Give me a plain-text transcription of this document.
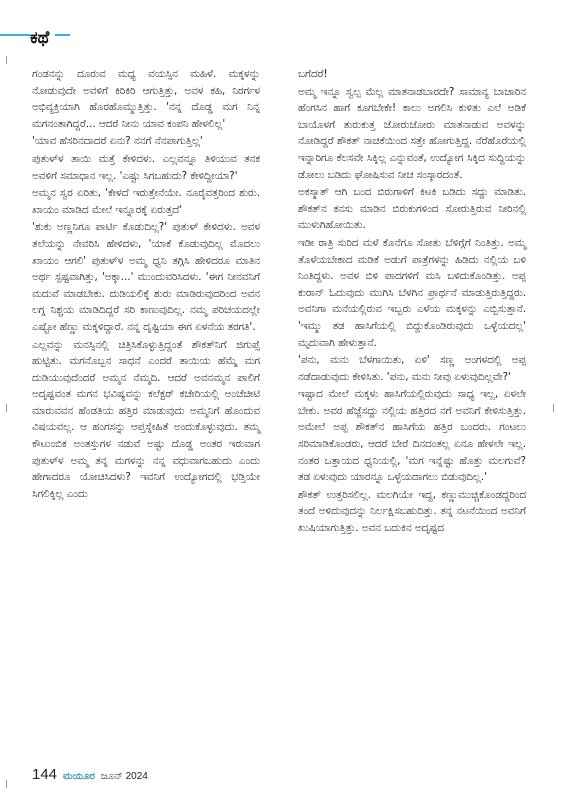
ಕಥೆ

ಗಂಡನನ್ನು ದೂರುವ ಮಧ್ಯ ವಯಸ್ಸಿನ ಮಹಿಳೆ. ಮಕ್ಕಳನ್ನು ನೋಡುವುದೇ ಅವಳಿಗೆ ಕಿರಿಕಿರಿ ಆಗುತ್ತಿತ್ತು, ಅವಳ ಕಹಿ, ನಿರರ್ಗಳ ಅಭಿವ್ಯಕ್ತಿಯಾಗಿ ಹೊರಹೊಮ್ಮುತ್ತಿತ್ತು. 'ನನ್ನ ದೊಡ್ಡ ಮಗ ನಿನ್ನ ಮಗನಂತಾಗಿದ್ದರೆ... ಆದರೆ ನೀನು ಯಾವ ಕಂಪನಿ ಹೇಳಲಿಲ್ಲ'

'ಯಾವ ಹೆಸರಿನದಾದರೆ ಏನು? ನನಗೆ ನೆನಪಾಗುತ್ತಿಲ್ಲ'

ಪುತುಳ್‌ಳ ತಾಯಿ ಮತ್ತೆ ಕೇಳಿದಳು. ಎಲ್ಲವನ್ನೂ ತಿಳಿಯುವ ತನಕ ಅವಳಿಗೆ ಸಮಾಧಾನ ಇಲ್ಲ. 'ಎಷ್ಟು ಸಿಗಬಹುದು? ಕೇಳಿದ್ದೀಯಾ?'

ಅಮ್ಮನ ಸ್ವರ ಏರಿತು, 'ಕೇಳದೆ ಇರುತ್ತೇನೆಯೇ. ನೂರೈವತ್ತರಿಂದ ಶುರು. ಖಾಯಂ ಮಾಡಿದ ಮೇಲೆ ಇನ್ನೂರಕ್ಕೆ ಏರುತ್ತದೆ'

'ಶುಕು ಅಣ್ಣನಿಗೂ ಪಾರ್ಟಿ ಕೊಡುದಿಲ್ಲ?' ಪುತುಳ್ ಕೇಳಿದಳು. ಅವಳ ತಲೆಯನ್ನು ನೇವರಿಸಿ ಹೇಳಿದಳು, 'ಯಾಕೆ ಕೊಡುವುದಿಲ್ಲ ಮೊದಲು ಖಾಯಂ ಆಗಲಿ' ಪುತುಳ್‌ಳ ಅಮ್ಮ ಧ್ವನಿ ತಗ್ಗಿಸಿ ಹೇಳಿದರೂ ಮಾತಿನ ಅರ್ಥ ಸ್ಪಷ್ಟವಾಗಿತ್ತು, 'ಅಕ್ಕಾ...' ಮುಂದುವರಿಸಿದಳು. 'ಈಗ ನೀನವನಿಗೆ ಮದುವೆ ಮಾಡಬೇಕು. ದುಡಿಯಲಿಕ್ಕೆ ಶುರು ಮಾಡಿರುವುದರಿಂದ ಅವನ ಲಗ್ನ ನಿಶ್ಚಯ ಮಾಡಿದಿದ್ದರೆ ಸರಿ ಕಾಣುವುದಿಲ್ಲ. ನಮ್ಮ ಪರಿಚಯದಲ್ಲೇ ಎಷ್ಟೋ ಹೆಣ್ಣು ಮಕ್ಕಳಿದ್ದಾರೆ. ನನ್ನ ದೃಷ್ಟಿಯಾ ಈಗ ಏಳನೆಯ ತರಗತಿ'.

ಎಲ್ಲವನ್ನು ಮನಸ್ಸಿನಲ್ಲಿ ಚಿತ್ರಿಸಿಕೊಳ್ಳುತ್ತಿದ್ದಂತೆ ಶೌಕತ್‌ನಿಗೆ ಜಿಗುಪ್ಸೆ ಹುಟ್ಟಿತು. ಮಗನೊಬ್ಬನ ಸಾಧನೆ ಎಂದರೆ ತಾಯಿಯ ಹೆಮ್ಮೆ ಮಗ ದುಡಿಯುವುದೆಂದರೆ ಅಮ್ಮನ ನೆಮ್ಮದಿ. ಆದರೆ ಅವನಮ್ಮನ ಪಾಲಿಗೆ ಅದೃಷ್ಟವಂತ ಮಗನ ಭವಿಷ್ಯವನ್ನು ಕಲೆಕ್ಟರ್ ಕಚೇರಿಯಲ್ಲಿ ಅಂಚೆಚೀಟಿ ಮಾರುವವನ ಹೆಂಡತಿಯ ಹತ್ತಿರ ಮಾಡುವುದು ಅಮ್ಮನಿಗೆ ಹೊಂದುವ ವಿಷಯವಲ್ಲ. ಆ ಹಂಗಸನ್ನು ಆಪ್ತಸ್ನೇಹಿತೆ ಅಂದುಕೊಳ್ಳುವುದು. ತಮ್ಮ ಕೌಟುಂಬಿಕ ಅಂತಸ್ತುಗಳ ನಡುವೆ ಅಷ್ಟು ದೊಡ್ಡ ಅಂತರ ಇರುವಾಗ ಪುತುಳ್‌ಳ ಅಮ್ಮ ತನ್ನ ಮಗಳನ್ನು ನನ್ನ ವಧುವಾಗಬಹುದು ಎಂದು ಹೇಗಾದರೂ ಯೋಚಿಸಿದಳು? ಇವನಿಗೆ ಉದ್ಯೋಗದಲ್ಲಿ ಭಡ್ತಿಯೇ ಸಿಗಲಿಕ್ಕಿಲ್ಲ ಎಂದು

ಬಗೆದರೆ!

ಅಮ್ಮ ಇನ್ನೂ ಸ್ವಲ್ಪ ಮೆಲ್ಲ ಮಾತನಾಡಬಾರದೇ? ಸಾಮಾನ್ಯ ಬಾಜಾರಿನ ಹೆಂಗಸಿನ ಹಾಗೆ ಕೂಗಬೇಕೇ! ಕಾಲು ಅಗಲಿಸಿ ಕುಳಿತು ಎಲೆ ಅಡಿಕೆ ಬಾಯೊಳಗೆ ತುರುಕುತ್ತ ಜೋರುಜೋರು ಮಾತನಾಡುವ ಅವಳನ್ನು ನೋಡಿದ್ದರೆ ಶೌಕತ್ ನಾಚಿಕೆಯಿಂದ ಸತ್ತೇ ಹೋಗುತ್ತಿದ್ದ. ನೆರೆಹೊರೆಯಲ್ಲಿ ಇನ್ನಾರಿಗೂ ಕೆಲಸವೇ ಸಿಕ್ಕಿಲ್ಲ ಎನ್ನುವಂತೆ, ಉದ್ಯೋಗ ಸಿಕ್ಕಿದ ಸುದ್ದಿಯನ್ನು ಡೋಲು ಬಡಿದು ಘೋಷಿಸುವ ನೀಚ ಸಂಸ್ಕಾರದಂತೆ.

ಅಕಸ್ಮಾತ್ ಆಗಿ ಬಂದ ಬಿರುಗಾಳಿಗೆ ಕಿಟಕಿ ಬಡಿದು ಸದ್ದು ಮಾಡಿತು. ಶೌಕತ್‌ನ ಕನಸು ಮಾಡಿನ ಬಿರುಕುಗಳಿಂದ ಸೋರುತ್ತಿರುವ ನೀರಿನಲ್ಲಿ ಮುಳುಗಿಹೋಯಿತು.

ಇಡೀ ರಾತ್ರಿ ಸುರಿದ ಮಳೆ ಕೊನೆಗೂ ಸೋತು ಬೆಳಿಗ್ಗೆಗೆ ನಿಂತಿತ್ತು. ಅಮ್ಮ ತೊಳೆಯಬೇಕಾದ ಮಡಿಕೆ ಅಡುಗೆ ಪಾತ್ರೆಗಳನ್ನು ಹಿಡಿದು ನಲ್ಲಿಯ ಬಳಿ ನಿಂತಿದ್ದಳು. ಅವಳ ಬಿಳಿ ಪಾದಗಳಿಗೆ ಮಸಿ ಬಳಿದುಕೊಂಡಿತ್ತು. ಅಪ್ಪ ಕುರಾನ್ ಓದುವುದು ಮುಗಿಸಿ ಬೆಳಗಿನ ಪ್ರಾರ್ಥನೆ ಮಾಡುತ್ತಿರುತ್ತಿದ್ದರು. ಅವನಿಗಾ ಮನೆಯಲ್ಲಿರುವ ಇಬ್ಬರು ಎಳೆಯ ಮಕ್ಕಳನ್ನು ಎಬ್ಬಿಸುತ್ತಾನೆ. 'ಇಮ್ಮು ತಡ ಹಾಸಿಗೆಯಲ್ಲಿ ಬಿದ್ದುಕೊಂಡಿರುವುದು ಒಳ್ಳೆಯದಲ್ಲ' ಮೃದುವಾಗಿ ಹೇಳುತ್ತಾನೆ.

'ಪನು, ಮನು ಬೆಳಗಾಯಿತು, ಏಳಿ' ಸಣ್ಣ ಅಂಗಳದಲ್ಲಿ ಅಪ್ಪ ನಡೆದಾಡುವುದು ಕೇಳಿಸಿತು. 'ಪನು, ಮನು ನೀವು ಏಳುವುದಿಲ್ಲವೇ?'

ಇಷ್ಟಾದ ಮೇಲೆ ಮಕ್ಕಳು ಹಾಸಿಗೆಯಲ್ಲಿರುವುದು ಸಾಧ್ಯ ಇಲ್ಲ, ಏಳಲೇ ಬೇಕು. ಅವರ ಹೆಜ್ಜೆಸದ್ದು ನಲ್ಲಿಯ ಹತ್ತಿರದ ನಗೆ ಅವನಿಗೆ ಕೇಳಿಸುತ್ತಿತ್ತು. ಅಮೇಲೆ ಅಪ್ಪ ಶೌಕತ್‌ನ ಹಾಸಿಗೆಯ ಹತ್ತಿರ ಬಂದರು. ಗಂಟಲು ಸರಿಮಾಡಿಕೊಂಡರು, ಆದರೆ ಬೇರೆ ದಿನದಂತಲ್ಲ ಏನೂ ಹೇಳಲೇ ಇಲ್ಲ. ನಂತರ ಒತ್ತಾಯದ ಧ್ವನಿಯಲ್ಲಿ, 'ಮಗ ಇನ್ನೆಷ್ಟು ಹೊತ್ತು ಮಲಗುವೆ? ತಡ ಏಳುವುದು ಯಾರನ್ನೂ ಒಳ್ಳೆಯದಾಗಲು ಬಿಡುವುದಿಲ್ಲ.'

ಶೌಕತ್ ಉತ್ತರಿಸಲಿಲ್ಲ. ಮಲಗಿಯೇ ಇದ್ದ, ಕಣ್ಣುಮುಚ್ಚಿಕೊಂಡದ್ದರಿಂದ ತಂದೆ ಅಳಿದುವುದನ್ನು ನಿರ್ಲಕ್ಷಿಸಬಹುದಿತ್ತು. ತನ್ನ ನಟನೆಯಿಂದ ಅವನಿಗೆ ಖುಷಿಯಾಗುತ್ತಿತ್ತು. ಅವನ ಬದುಕಿನ ಅದೃಷ್ಟದ

144 ಮಯೂರ ಜೂನ್ 2024
